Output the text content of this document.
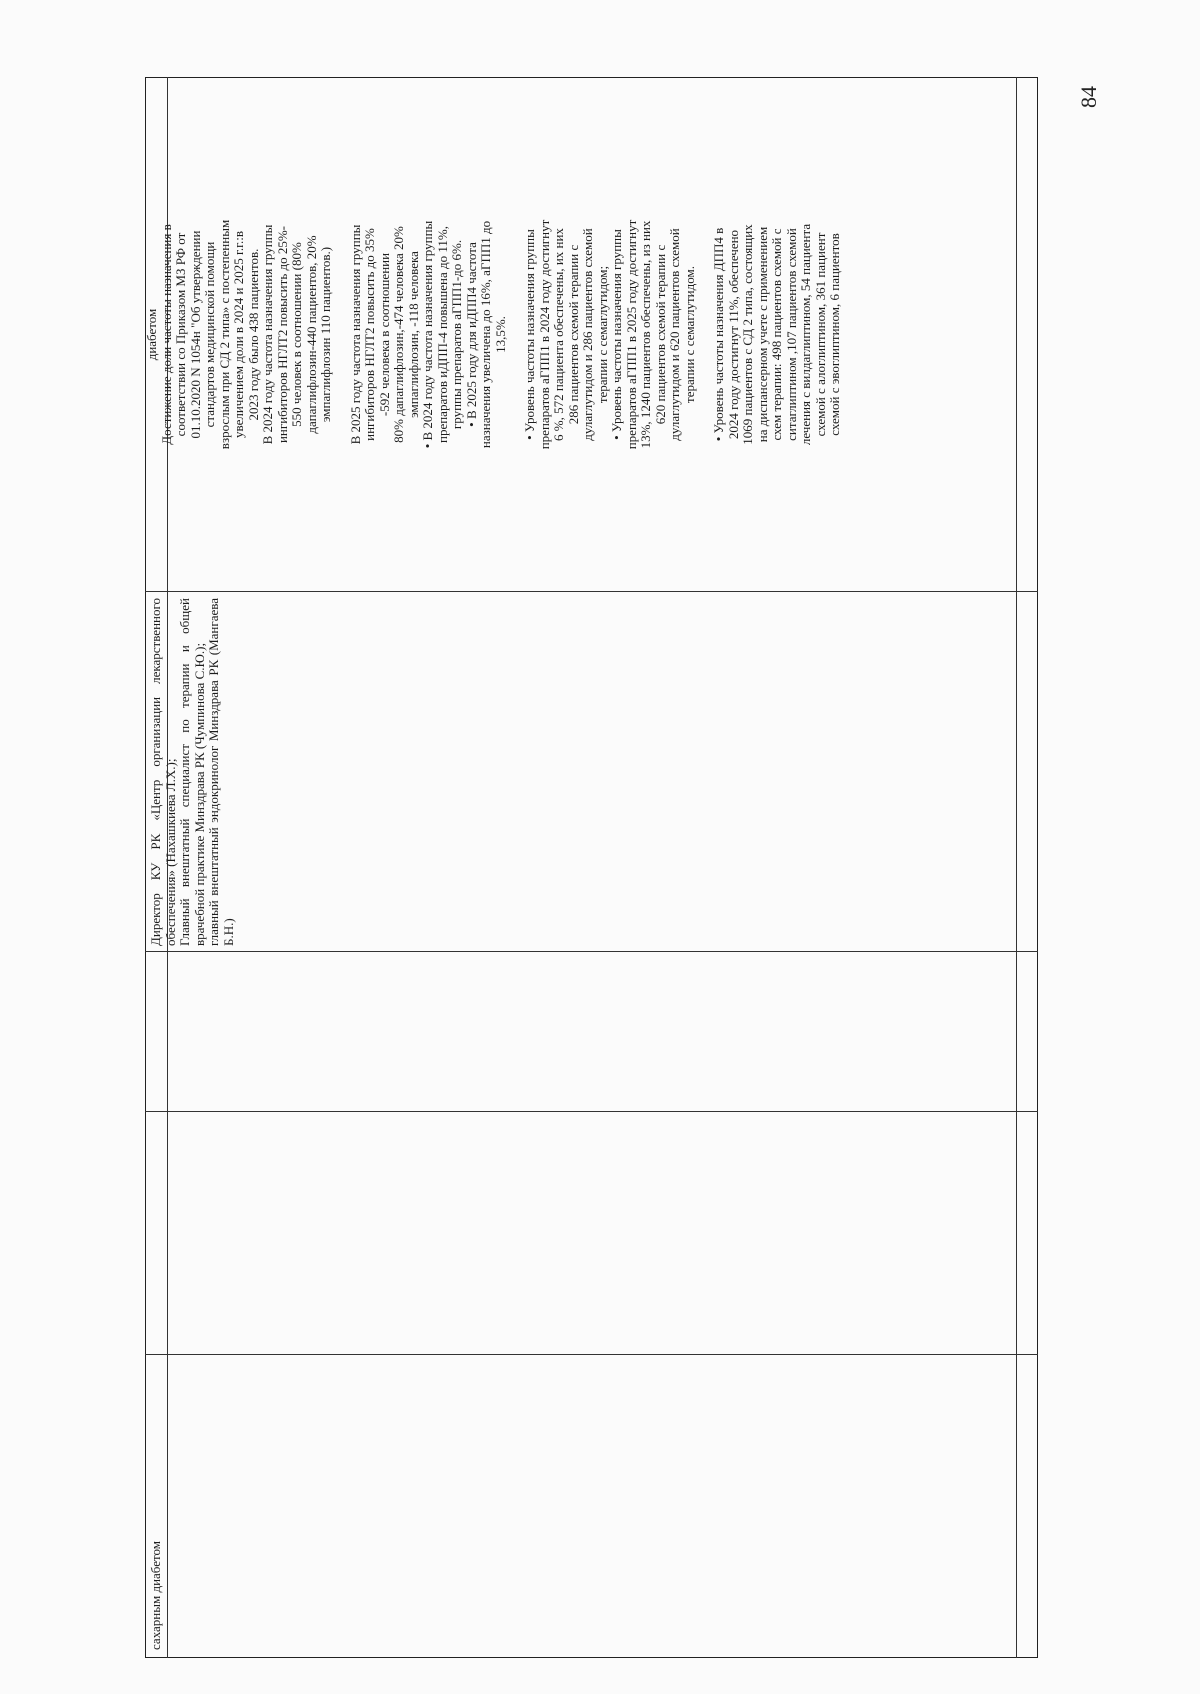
сахарным диабетом
Директор КУ РК «Центр организации лекарственного обеспечения» (Нахашкиева Л.Х.); Главный внештатный специалист по терапии и общей врачебной практике Минздрава РК (Чумпинова С.Ю.); главный внештатный эндокринолог Минздрава РК (Мангаева Б.Н.)

диабетом Достижение доли частоты назначения в соответствии со Приказом МЗ РФ от 01.10.2020 N 1054н "Об утверждении стандартов медицинской помощи взрослым при СД 2 типа» с постепенным увеличением доли в 2024 и 2025 г.г.:в 2023 году было 438 пациентов. В 2024 году частота назначения группы ингибиторов НГЛТ2 повысить до 25%- 550 человек в соотношении (80% дапаглифлозин-440 пациентов, 20% эмпаглифлозин 110 пациентов.) В 2025 году частота назначения группы ингибиторов НГЛТ2 повысить до 35% -592 человека в соотношении 80% дапаглифлозин,-474 человека 20% эмпаглифлозин, -118 человека • В 2024 году частота назначения группы препаратов иДПП-4 повышена до 11%, группы препаратов аГПП1-до 6%. • В 2025 году для иДПП4 частота назначения увеличена до 16%, аГПП1 до 13,5%. • Уровень частоты назначения группы препаратов аГПП1 в 2024 году достигнут 6 %, 572 пациента обеспечены, их них 286 пациентов схемой терапии с дулаглутидом и 286 пациентов схемой терапии с семаглутидом; • Уровень частоты назначения группы препаратов аГПП1 в 2025 году достигнут 13%, 1240 пациентов обеспечены, из них 620 пациентов схемой терапии с дулаглутидом и 620 пациентов схемой терапии с семаглутидом. • Уровень частоты назначения ДПП4 в 2024 году достигнут 11%, обеспечено 1069 пациентов с СД 2 типа, состоящих на диспансерном учете с применением схем терапии: 498 пациентов схемой с ситаглиптином ,107 пациентов схемой лечения с вилдаглиптином, 54 пациента схемой с алоглиптином, 361 пациент схемой с эвоглиптином, 6 пациентов

84
